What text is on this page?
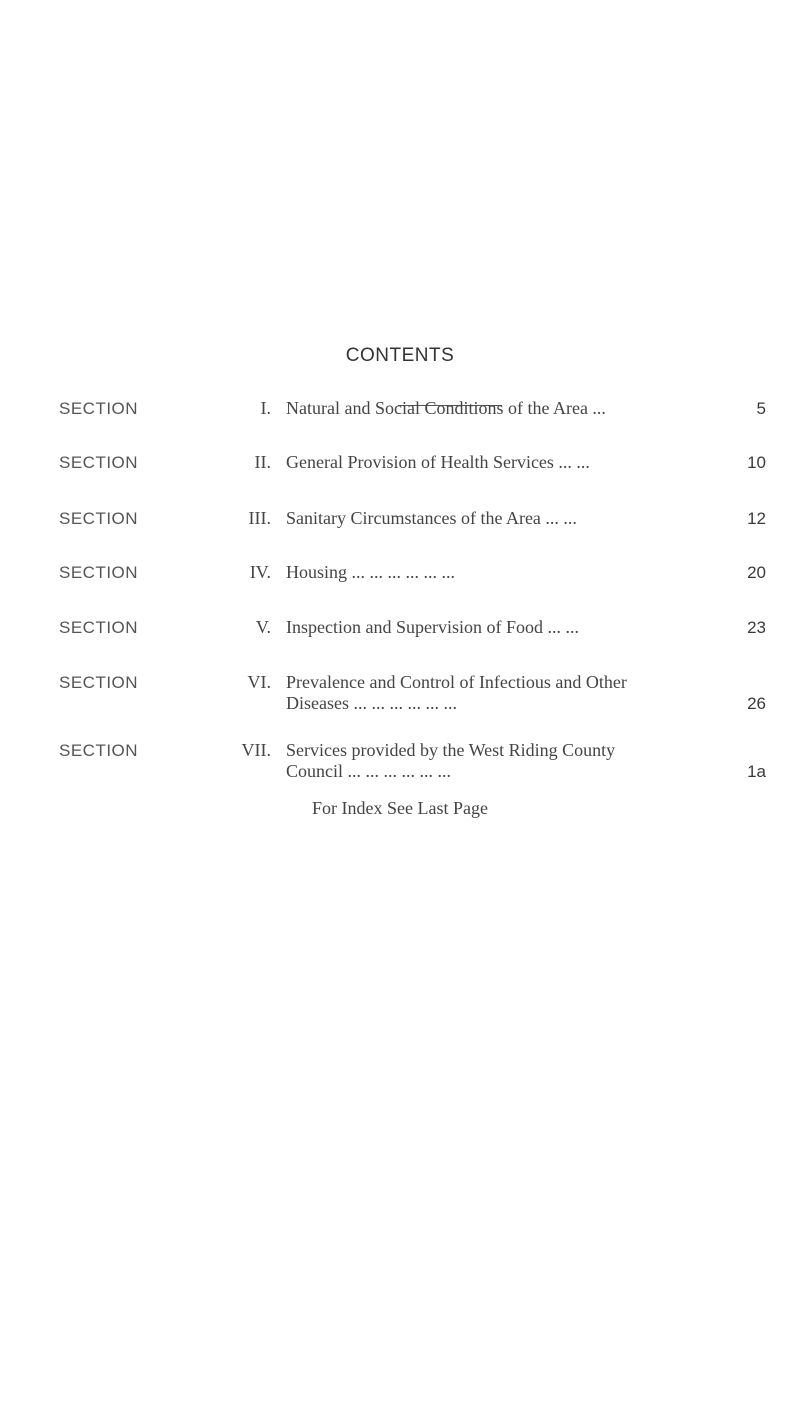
CONTENTS
SECTION	I. Natural and Social Conditions of the Area ...	5
SECTION	II. General Provision of Health Services ... ...	10
SECTION	III. Sanitary Circumstances of the Area ... ...	12
SECTION	IV. Housing ... ... ... ... ... ...	20
SECTION	V. Inspection and Supervision of Food ... ...	23
SECTION	VI. Prevalence and Control of Infectious and Other
Diseases ... ... ... ... ... ...	26
SECTION	VII. Services provided by the West Riding County
Council ... ... ... ... ... ...	1a
For Index See Last Page
